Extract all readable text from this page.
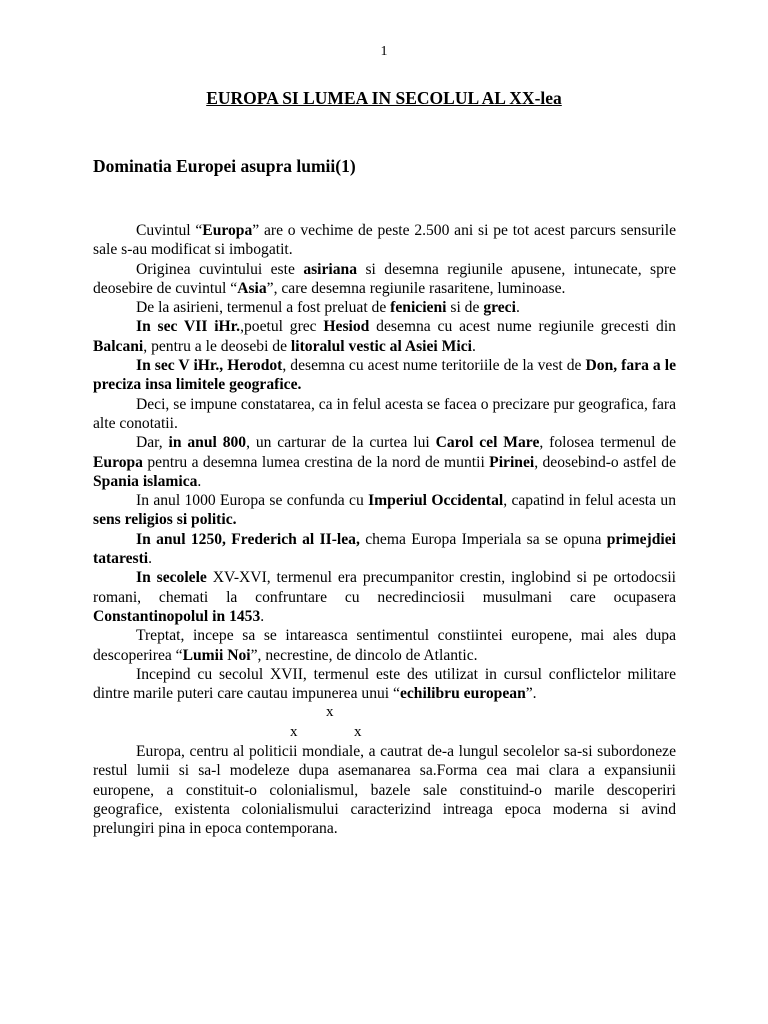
1
EUROPA SI LUMEA IN SECOLUL AL XX-lea
Dominatia Europei asupra lumii(1)

Cuvintul “Europa” are o vechime de peste 2.500 ani si pe tot acest parcurs sensurile sale s-au modificat si imbogatit.

Originea cuvintului este asiriana si desemna regiunile apusene, intunecate, spre deosebire de cuvintul “Asia”, care desemna regiunile rasaritene, luminoase.

De la asirieni, termenul a fost preluat de fenicieni si de greci.

In sec VII iHr.,poetul grec Hesiod desemna cu acest nume regiunile grecesti din Balcani, pentru a le deosebi de litoralul vestic al Asiei Mici.

In sec V iHr., Herodot, desemna cu acest nume teritoriile de la vest de Don, fara a le preciza insa limitele geografice.

Deci, se impune constatarea, ca in felul acesta se facea o precizare pur geografica, fara alte conotatii.

Dar, in anul 800, un carturar de la curtea lui Carol cel Mare, folosea termenul de Europa pentru a desemna lumea crestina de la nord de muntii Pirinei, deosebind-o astfel de Spania islamica.

In anul 1000 Europa se confunda cu Imperiul Occidental, capatind in felul acesta un sens religios si politic.

In anul 1250, Frederich al II-lea, chema Europa Imperiala sa se opuna primejdiei tataresti.

In secolele XV-XVI, termenul era precumpanitor crestin, inglobind si pe ortodocsii romani, chemati la confruntare cu necredinciosii musulmani care ocupasera Constantinopolul in 1453.

Treptat, incepe sa se intareasca sentimentul constiintei europene, mai ales dupa descoperirea “Lumii Noi”, necrestine, de dincolo de Atlantic.

Incepind cu secolul XVII, termenul este des utilizat in cursul conflictelor militare dintre marile puteri care cautau impunerea unui “echilibru european”.

x
x	x

Europa, centru al politicii mondiale, a cautrat de-a lungul secolelor sa-si subordoneze restul lumii si sa-l modeleze dupa asemanarea sa.Forma cea mai clara a expansiunii europene, a constituit-o colonialismul, bazele sale constituind-o marile descoperiri geografice, existenta colonialismului caracterizind intreaga epoca moderna si avind prelungiri pina in epoca contemporana.
